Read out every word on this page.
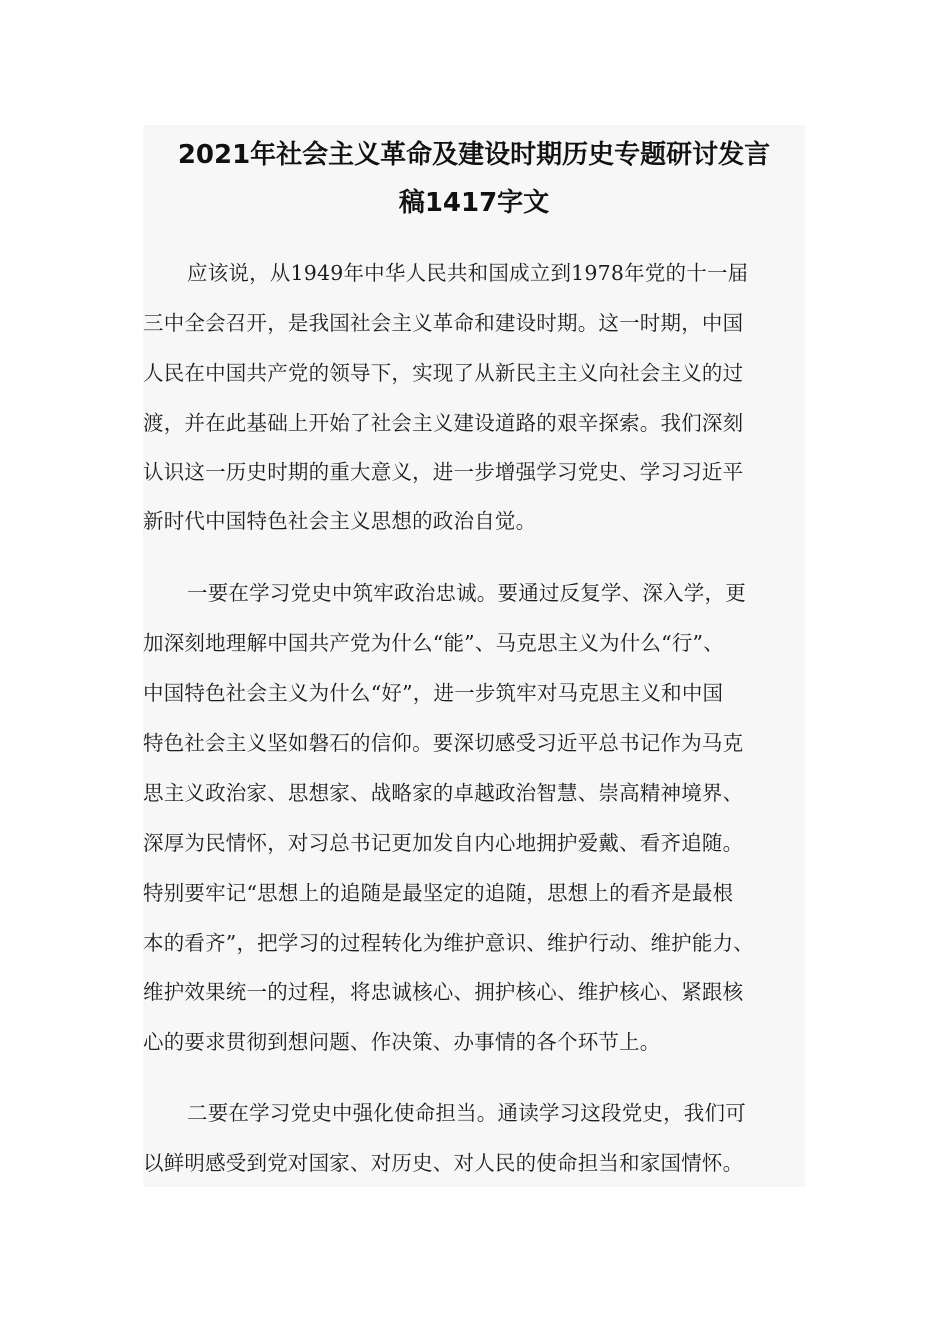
2021年社会主义革命及建设时期历史专题研讨发言
稿1417字文
应该说，从1949年中华人民共和国成立到1978年党的十一届
三中全会召开，是我国社会主义革命和建设时期。这一时期，中国
人民在中国共产党的领导下，实现了从新民主主义向社会主义的过
渡，并在此基础上开始了社会主义建设道路的艰辛探索。我们深刻
认识这一历史时期的重大意义，进一步增强学习党史、学习习近平
新时代中国特色社会主义思想的政治自觉。
一要在学习党史中筑牢政治忠诚。要通过反复学、深入学，更
加深刻地理解中国共产党为什么“能”、马克思主义为什么“行”、
中国特色社会主义为什么“好”，进一步筑牢对马克思主义和中国
特色社会主义坚如磐石的信仰。要深切感受习近平总书记作为马克
思主义政治家、思想家、战略家的卓越政治智慧、崇高精神境界、
深厚为民情怀，对习总书记更加发自内心地拥护爱戴、看齐追随。
特别要牢记“思想上的追随是最坚定的追随，思想上的看齐是最根
本的看齐”，把学习的过程转化为维护意识、维护行动、维护能力、
维护效果统一的过程，将忠诚核心、拥护核心、维护核心、紧跟核
心的要求贯彻到想问题、作决策、办事情的各个环节上。
二要在学习党史中强化使命担当。通读学习这段党史，我们可
以鲜明感受到党对国家、对历史、对人民的使命担当和家国情怀。
